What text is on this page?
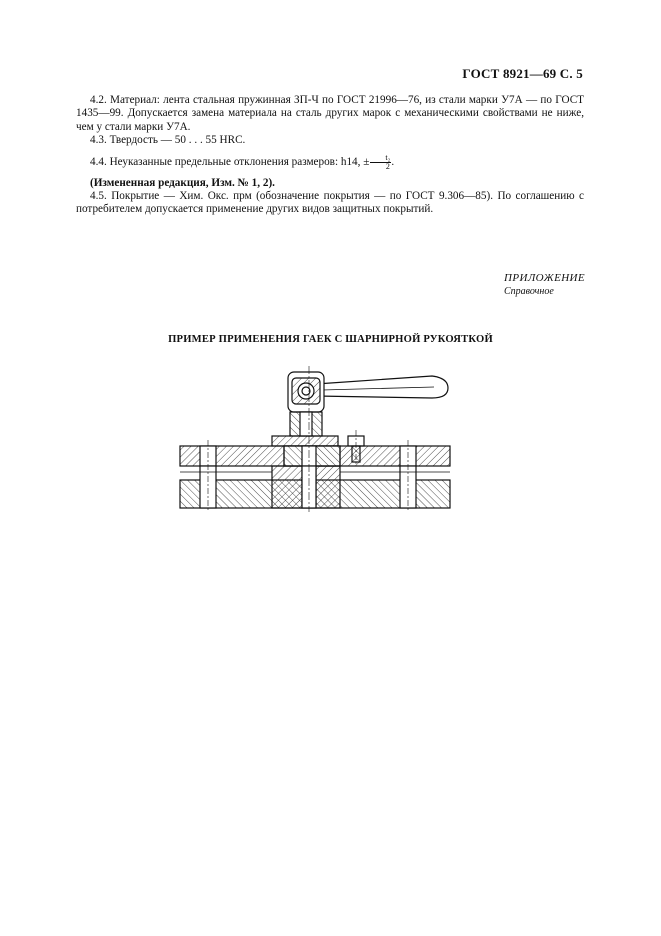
ГОСТ 8921—69 С. 5

4.2. Материал: лента стальная пружинная ЗП-Ч по ГОСТ 21996—76, из стали марки У7А — по ГОСТ 1435—99. Допускается замена материала на сталь других марок с механическими свойствами не ниже, чем у стали марки У7А.

4.3. Твердость — 50 . . . 55 HRC.

4.4. Неуказанные предельные отклонения размеров: h14, ± $\frac{\text{t₂}}{2}$ .

(Измененная редакция, Изм. № 1, 2).

4.5. Покрытие — Хим. Окс. прм (обозначение покрытия — по ГОСТ 9.306—85). По соглашению с потребителем допускается применение других видов защитных покрытий.

ПРИЛОЖЕНИЕ
Справочное
ПРИМЕР ПРИМЕНЕНИЯ ГАЕК С ШАРНИРНОЙ РУКОЯТКОЙ
